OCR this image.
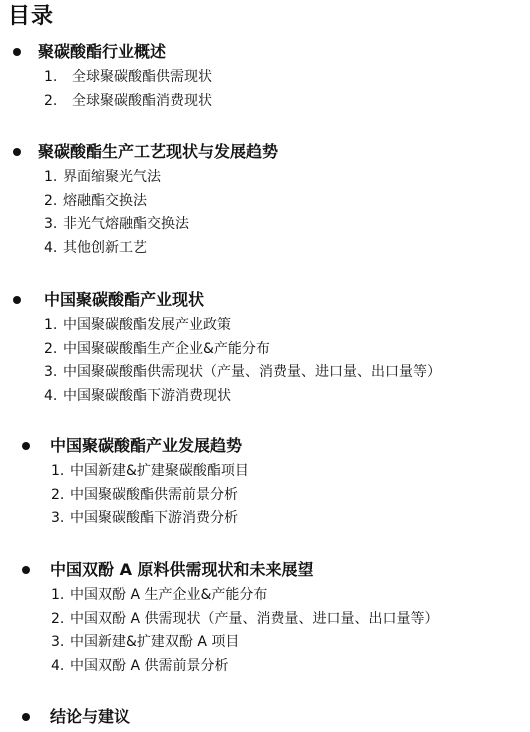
目录
聚碳酸酯行业概述
1. 全球聚碳酸酯供需现状
2. 全球聚碳酸酯消费现状
聚碳酸酯生产工艺现状与发展趋势
1. 界面缩聚光气法
2. 熔融酯交换法
3. 非光气熔融酯交换法
4. 其他创新工艺
中国聚碳酸酯产业现状
1. 中国聚碳酸酯发展产业政策
2. 中国聚碳酸酯生产企业&产能分布
3. 中国聚碳酸酯供需现状（产量、消费量、进口量、出口量等）
4. 中国聚碳酸酯下游消费现状
中国聚碳酸酯产业发展趋势
1. 中国新建&扩建聚碳酸酯项目
2. 中国聚碳酸酯供需前景分析
3. 中国聚碳酸酯下游消费分析
中国双酚 A 原料供需现状和未来展望
1. 中国双酚 A 生产企业&产能分布
2. 中国双酚 A 供需现状（产量、消费量、进口量、出口量等）
3. 中国新建&扩建双酚 A 项目
4. 中国双酚 A 供需前景分析
结论与建议
